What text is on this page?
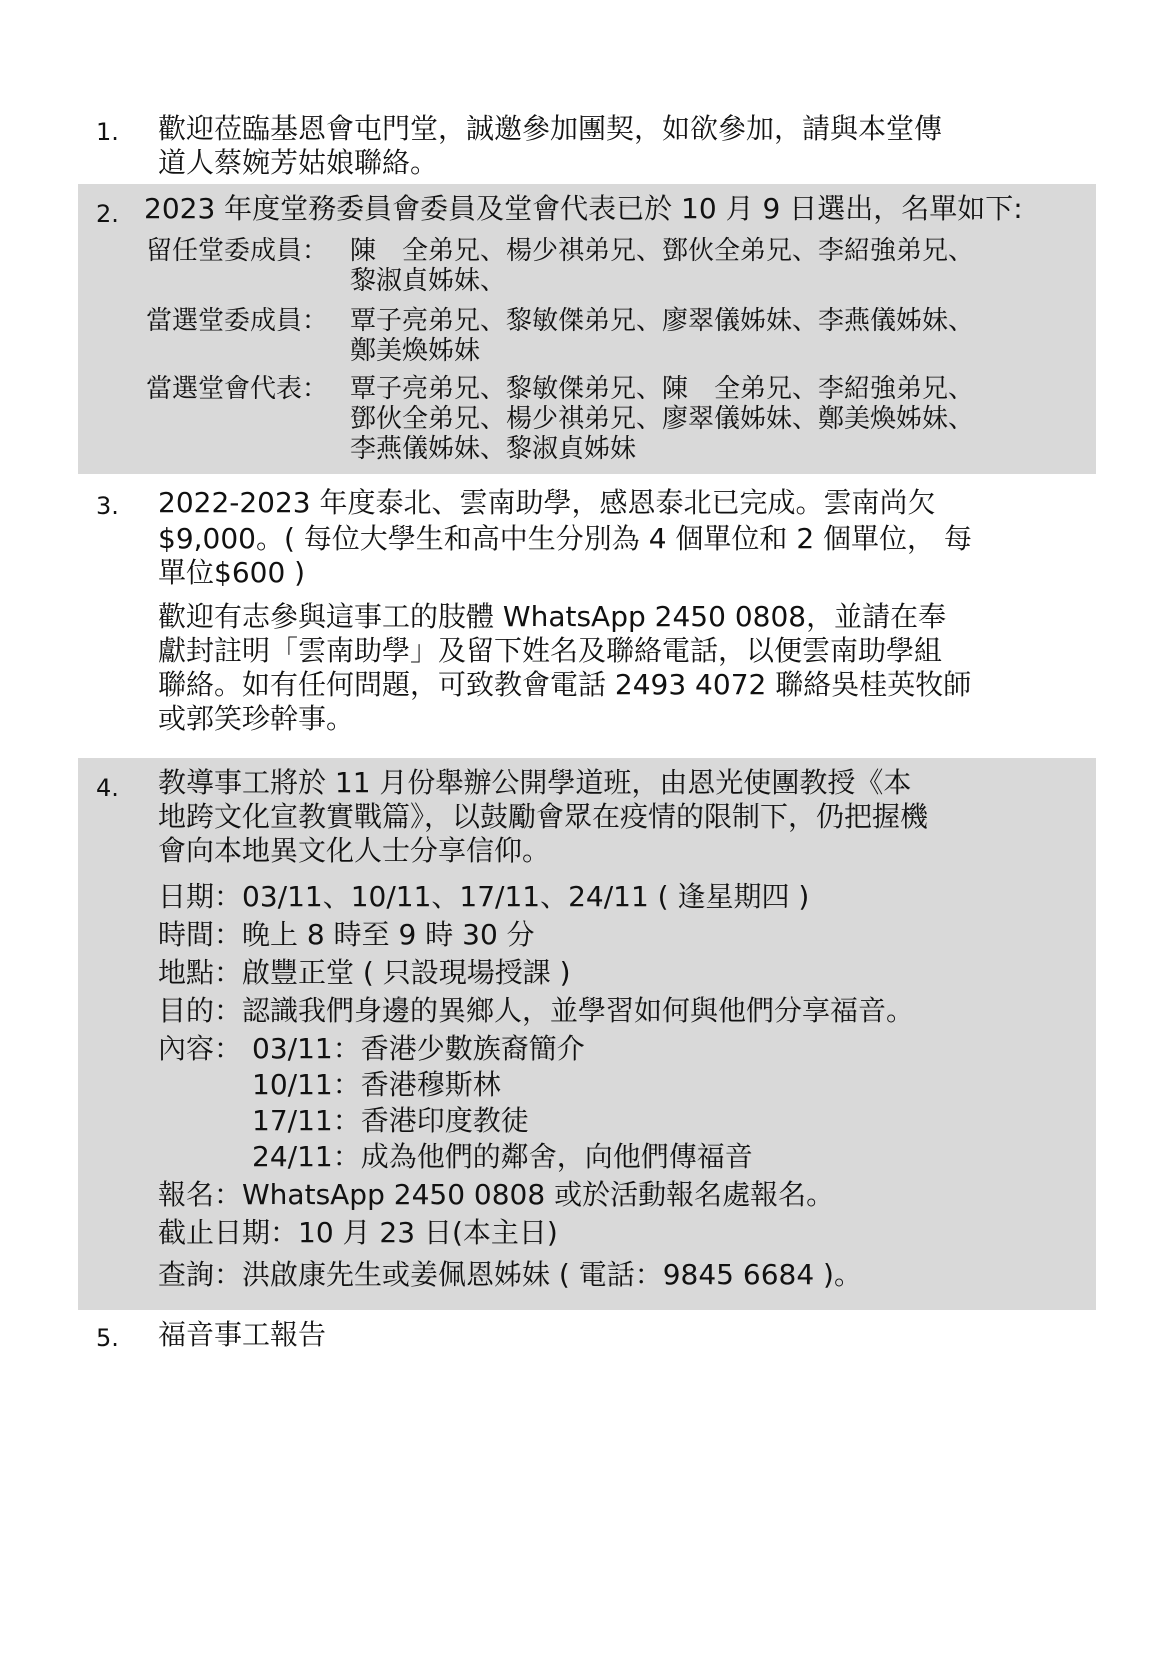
1. 歡迎莅臨基恩會屯門堂，誠邀參加團契，如欲參加，請與本堂傳
道人蔡婉芳姑娘聯絡。
2. 2023 年度堂務委員會委員及堂會代表已於 10 月 9 日選出，名單如下:
留任堂委成員： 陳　全弟兄、楊少祺弟兄、鄧伙全弟兄、李紹強弟兄、
黎淑貞姊妹、
當選堂委成員： 覃子亮弟兄、黎敏傑弟兄、廖翠儀姊妹、李燕儀姊妹、
鄭美煥姊妹
當選堂會代表： 覃子亮弟兄、黎敏傑弟兄、陳　全弟兄、李紹強弟兄、
鄧伙全弟兄、楊少祺弟兄、廖翠儀姊妹、鄭美煥姊妹、
李燕儀姊妹、黎淑貞姊妹
3. 2022-2023 年度泰北、雲南助學，感恩泰北已完成。雲南尚欠
$9,000。( 每位大學生和高中生分別為 4 個單位和 2 個單位， 每
單位$600 )
歡迎有志參與這事工的肢體 WhatsApp 2450 0808，並請在奉
獻封註明「雲南助學」及留下姓名及聯絡電話，以便雲南助學組
聯絡。如有任何問題，可致教會電話 2493 4072 聯絡吳桂英牧師
或郭笑珍幹事。
4. 教導事工將於 11 月份舉辦公開學道班，由恩光使團教授《本
地跨文化宣教實戰篇》，以鼓勵會眾在疫情的限制下，仍把握機
會向本地異文化人士分享信仰。
日期：03/11、10/11、17/11、24/11 ( 逢星期四 )
時間：晚上 8 時至 9 時 30 分
地點：啟豐正堂 ( 只設現場授課 )
目的：認識我們身邊的異鄉人，並學習如何與他們分享福音。
內容： 03/11：香港少數族裔簡介
10/11：香港穆斯林
17/11：香港印度教徒
24/11：成為他們的鄰舍，向他們傳福音
報名：WhatsApp 2450 0808 或於活動報名處報名。
截止日期：10 月 23 日(本主日)
查詢：洪啟康先生或姜佩恩姊妹 ( 電話：9845 6684 )。
5. 福音事工報告
